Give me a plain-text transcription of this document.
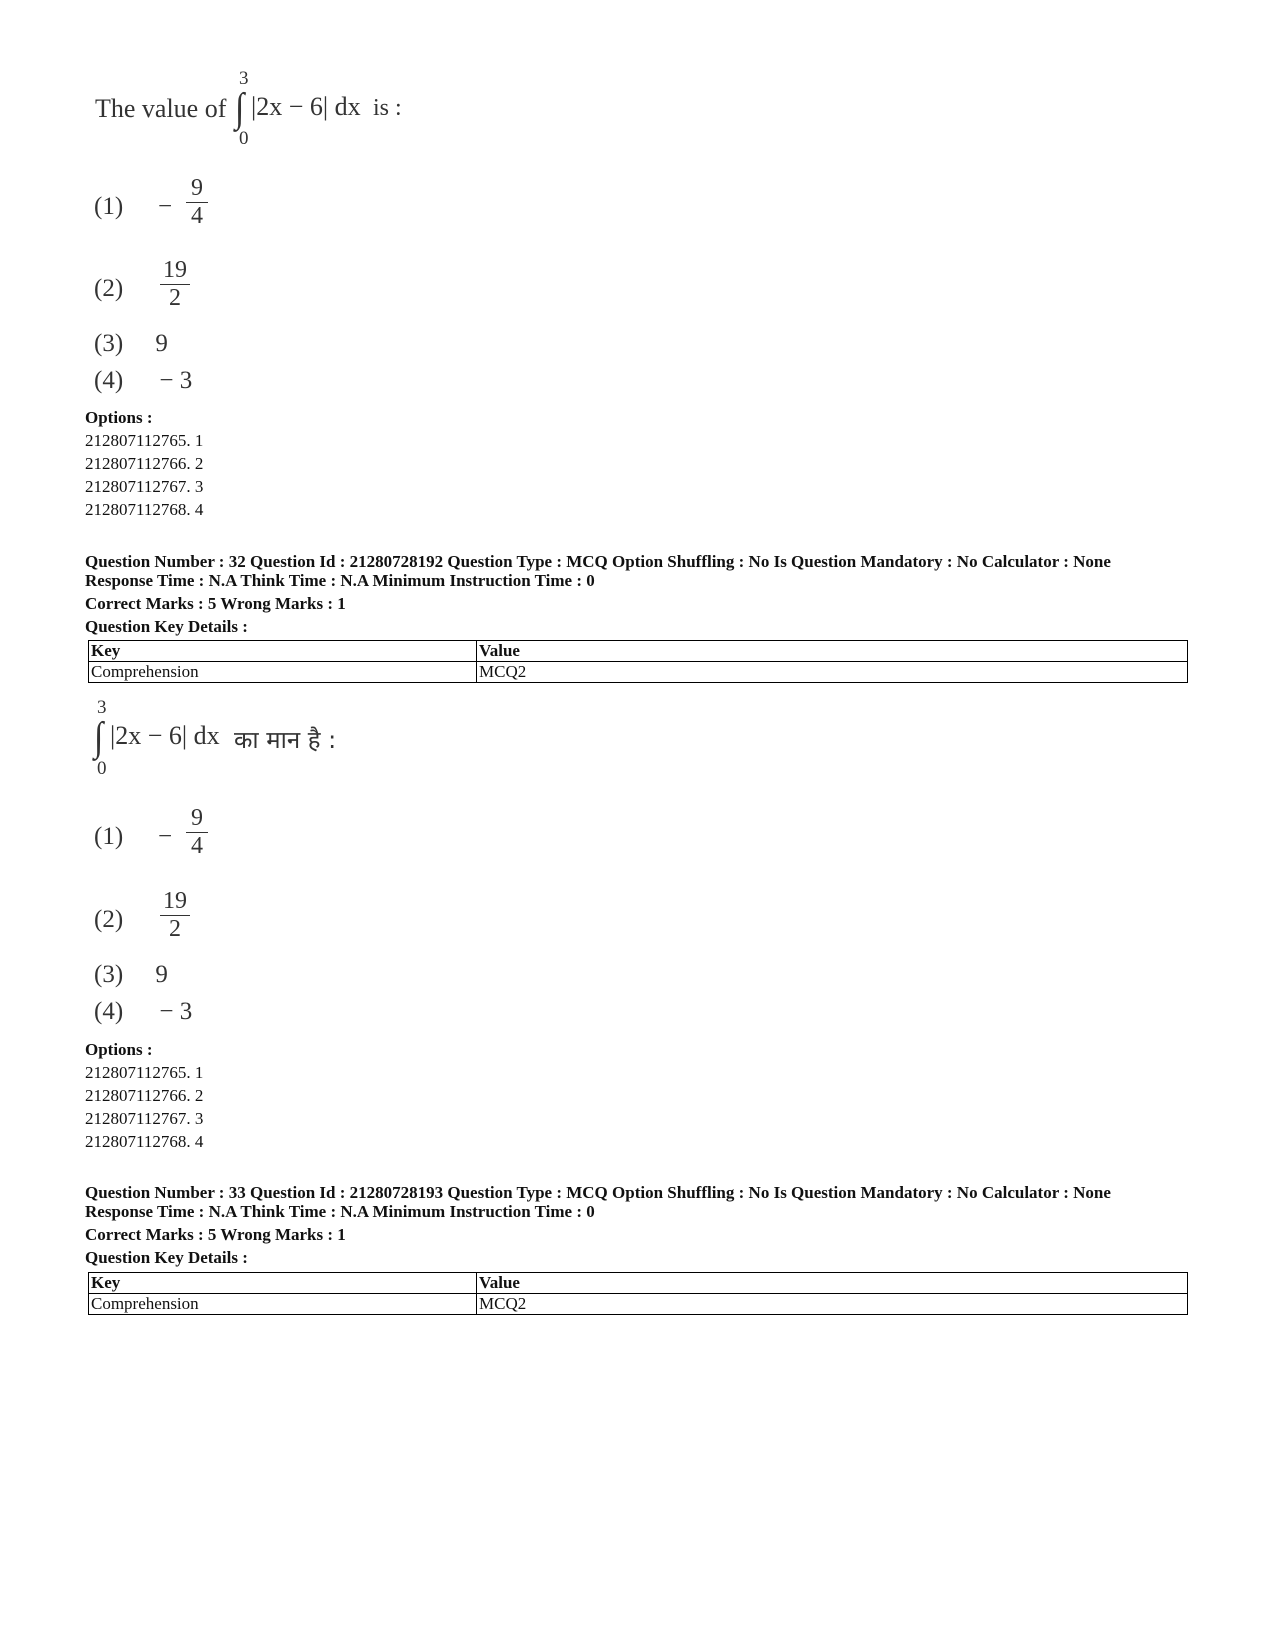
The value of
3
∫
0
|2x − 6| dx is :
(1) −
9
4
(2)
19
2
(3) 9
(4) − 3
Options :
212807112765. 1
212807112766. 2
212807112767. 3
212807112768. 4
Question Number : 32 Question Id : 21280728192 Question Type : MCQ Option Shuffling : No Is Question Mandatory : No Calculator : None
Response Time : N.A Think Time : N.A Minimum Instruction Time : 0
Correct Marks : 5 Wrong Marks : 1
Question Key Details :
Key	Value
Comprehension	MCQ2
3
∫
0
|2x − 6| dx का मान है :
(1) −
9
4
(2)
19
2
(3) 9
(4) − 3
Options :
212807112765. 1
212807112766. 2
212807112767. 3
212807112768. 4
Question Number : 33 Question Id : 21280728193 Question Type : MCQ Option Shuffling : No Is Question Mandatory : No Calculator : None
Response Time : N.A Think Time : N.A Minimum Instruction Time : 0
Correct Marks : 5 Wrong Marks : 1
Question Key Details :
Key	Value
Comprehension	MCQ2
